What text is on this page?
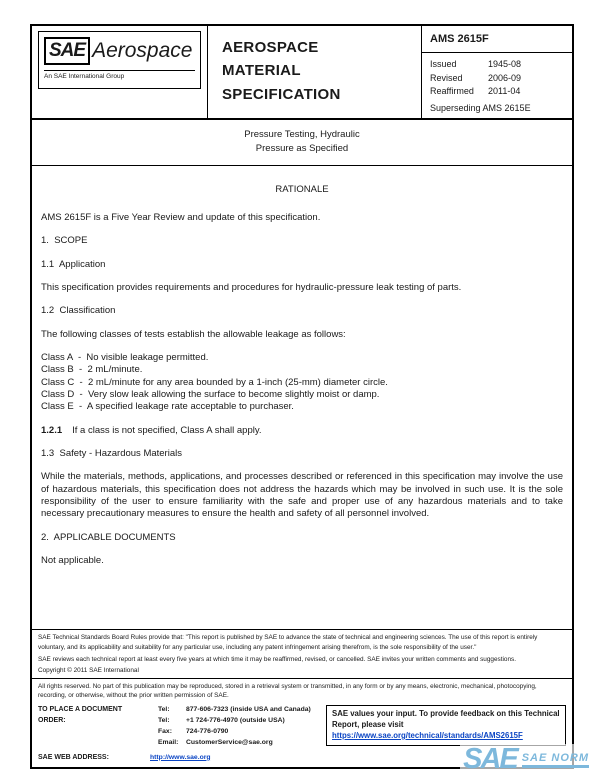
SAE Aerospace
An SAE International Group
AEROSPACE
MATERIAL
SPECIFICATION
AMS 2615F
Issued	1945-08
Revised	2006-09
Reaffirmed	2011-04
Superseding AMS 2615E
Pressure Testing, Hydraulic
Pressure as Specified
RATIONALE
AMS 2615F is a Five Year Review and update of this specification.
1.  SCOPE
1.1  Application
This specification provides requirements and procedures for hydraulic-pressure leak testing of parts.
1.2  Classification
The following classes of tests establish the allowable leakage as follows:
Class A  -  No visible leakage permitted.
Class B  -  2 mL/minute.
Class C  -  2 mL/minute for any area bounded by a 1-inch (25-mm) diameter circle.
Class D  -  Very slow leak allowing the surface to become slightly moist or damp.
Class E  -  A specified leakage rate acceptable to purchaser.
1.2.1 If a class is not specified, Class A shall apply.
1.3  Safety - Hazardous Materials
While the materials, methods, applications, and processes described or referenced in this specification may involve the use of hazardous materials, this specification does not address the hazards which may be involved in such use. It is the sole responsibility of the user to ensure familiarity with the safe and proper use of any hazardous materials and to take necessary precautionary measures to ensure the health and safety of all personnel involved.
2.  APPLICABLE DOCUMENTS
Not applicable.
SAE Technical Standards Board Rules provide that: "This report is published by SAE to advance the state of technical and engineering sciences. The use of this report is entirely voluntary, and its applicability and suitability for any particular use, including any patent infringement arising therefrom, is the sole responsibility of the user."
SAE reviews each technical report at least every five years at which time it may be reaffirmed, revised, or cancelled. SAE invites your written comments and suggestions.
Copyright © 2011 SAE International
All rights reserved. No part of this publication may be reproduced, stored in a retrieval system or transmitted, in any form or by any means, electronic, mechanical, photocopying, recording, or otherwise, without the prior written permission of SAE.
TO PLACE A DOCUMENT ORDER:
Tel:	877-606-7323 (inside USA and Canada)
Tel:	+1 724-776-4970 (outside USA)
Fax:	724-776-0790
Email:	CustomerService@sae.org
SAE values your input. To provide feedback on this Technical Report, please visit https://www.sae.org/technical/standards/AMS2615F
SAE WEB ADDRESS:	http://www.sae.org	SAE SAE NORM
